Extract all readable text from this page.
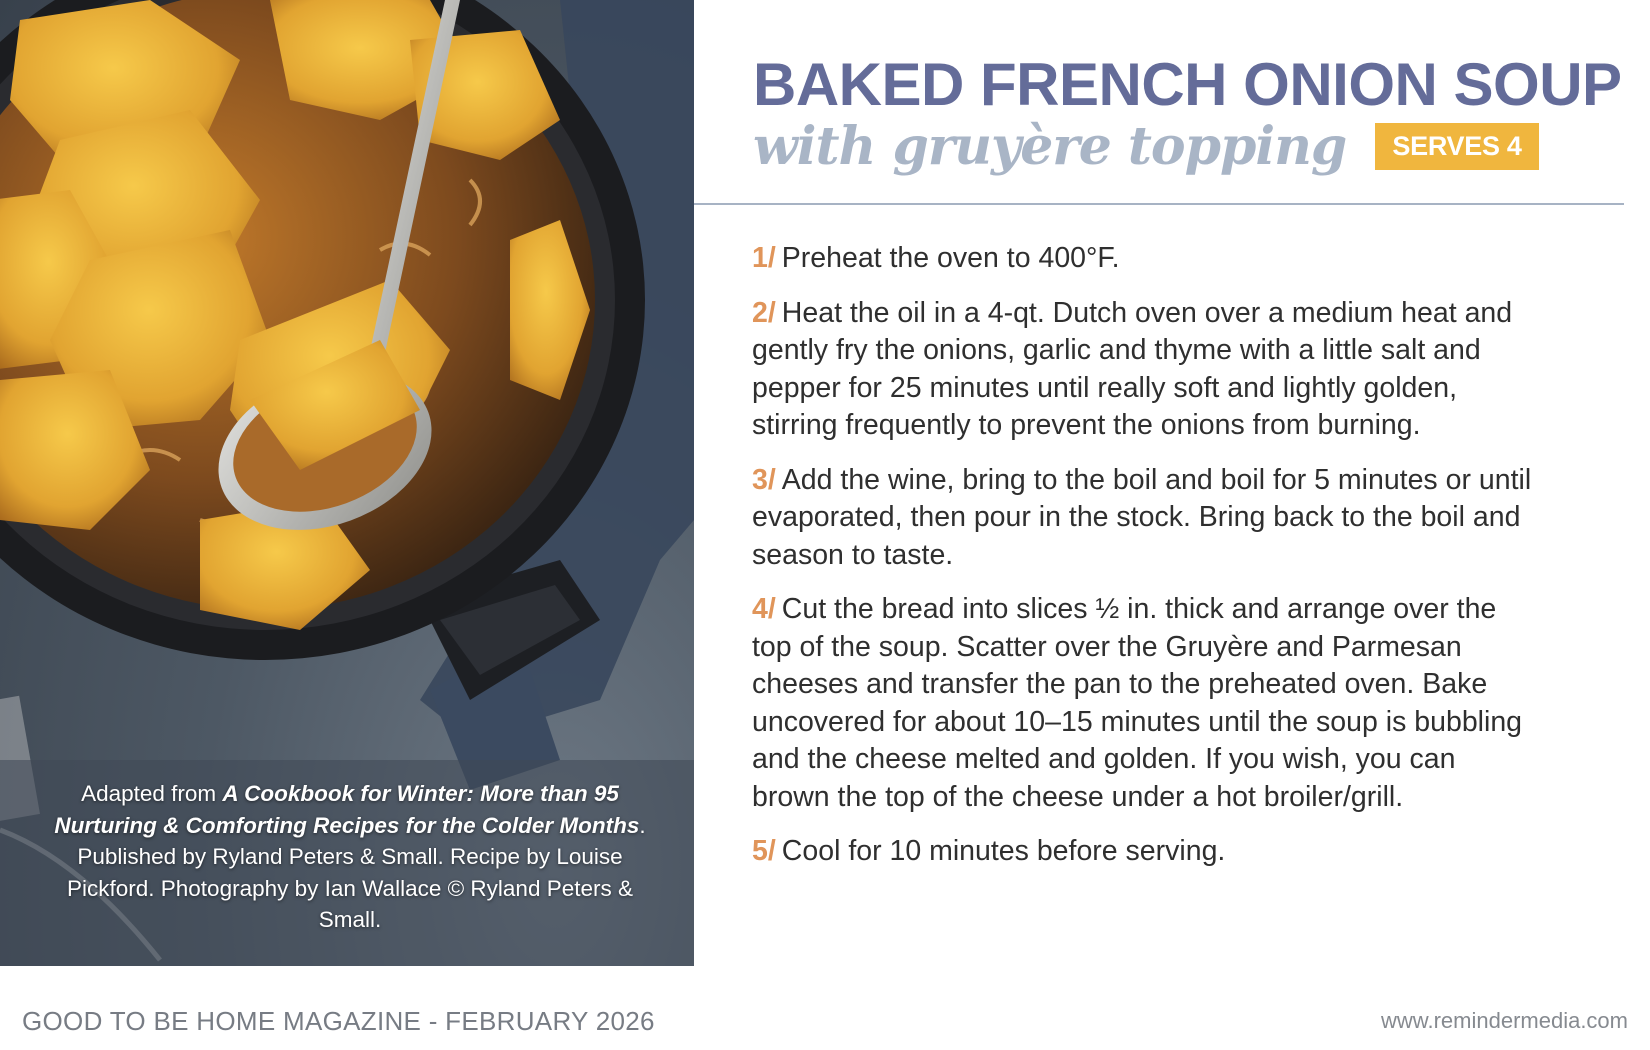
Adapted from A Cookbook for Winter: More than 95 Nurturing & Comforting Recipes for the Colder Months. Published by Ryland Peters & Small. Recipe by Louise Pickford. Photography by Ian Wallace © Ryland Peters & Small.
BAKED FRENCH ONION SOUP
with gruyère topping	SERVES 4

1/ Preheat the oven to 400°F.

2/ Heat the oil in a 4-qt. Dutch oven over a medium heat and gently fry the onions, garlic and thyme with a little salt and pepper for 25 minutes until really soft and lightly golden, stirring frequently to prevent the onions from burning.

3/ Add the wine, bring to the boil and boil for 5 minutes or until evaporated, then pour in the stock. Bring back to the boil and season to taste.

4/ Cut the bread into slices ½ in. thick and arrange over the top of the soup. Scatter over the Gruyère and Parmesan cheeses and transfer the pan to the preheated oven. Bake uncovered for about 10–15 minutes until the soup is bubbling and the cheese melted and golden. If you wish, you can brown the top of the cheese under a hot broiler/grill.

5/ Cool for 10 minutes before serving.

GOOD TO BE HOME MAGAZINE - FEBRUARY 2026	www.remindermedia.com
